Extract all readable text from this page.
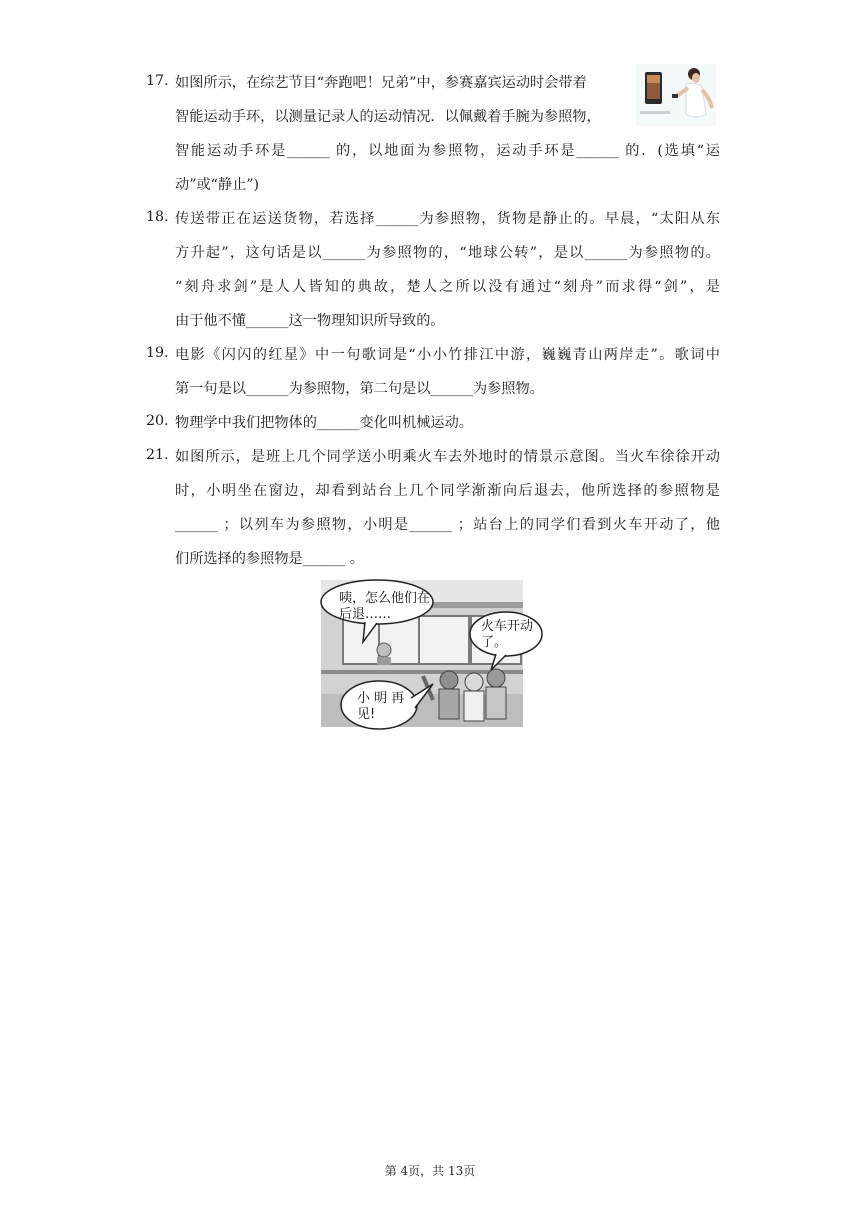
17. 如图所示，在综艺节目“奔跑吧！兄弟”中，参赛嘉宾运动时会带着
智能运动手环，以测量记录人的运动情况．以佩戴着手腕为参照物，
智能运动手环是______ 的，以地面为参照物，运动手环是______ 的．(选填“运
动”或“静止”)
18. 传送带正在运送货物，若选择______为参照物，货物是静止的。早晨，“太阳从东
方升起”，这句话是以______为参照物的，“地球公转”，是以______为参照物的。
“刻舟求剑”是人人皆知的典故，楚人之所以没有通过“刻舟”而求得“剑”，是
由于他不懂______这一物理知识所导致的。
19. 电影《闪闪的红星》中一句歌词是“小小竹排江中游，巍巍青山两岸走”。歌词中
第一句是以______为参照物，第二句是以______为参照物。
20. 物理学中我们把物体的______变化叫机械运动。
21. 如图所示，是班上几个同学送小明乘火车去外地时的情景示意图。当火车徐徐开动
时，小明坐在窗边，却看到站台上几个同学渐渐向后退去，他所选择的参照物是
______ ；以列车为参照物，小明是______ ；站台上的同学们看到火车开动了，他
们所选择的参照物是______ 。
咦，怎么他们在
后退……
火车开动
了。
小 明 再
见!
第 4页，共 13页
